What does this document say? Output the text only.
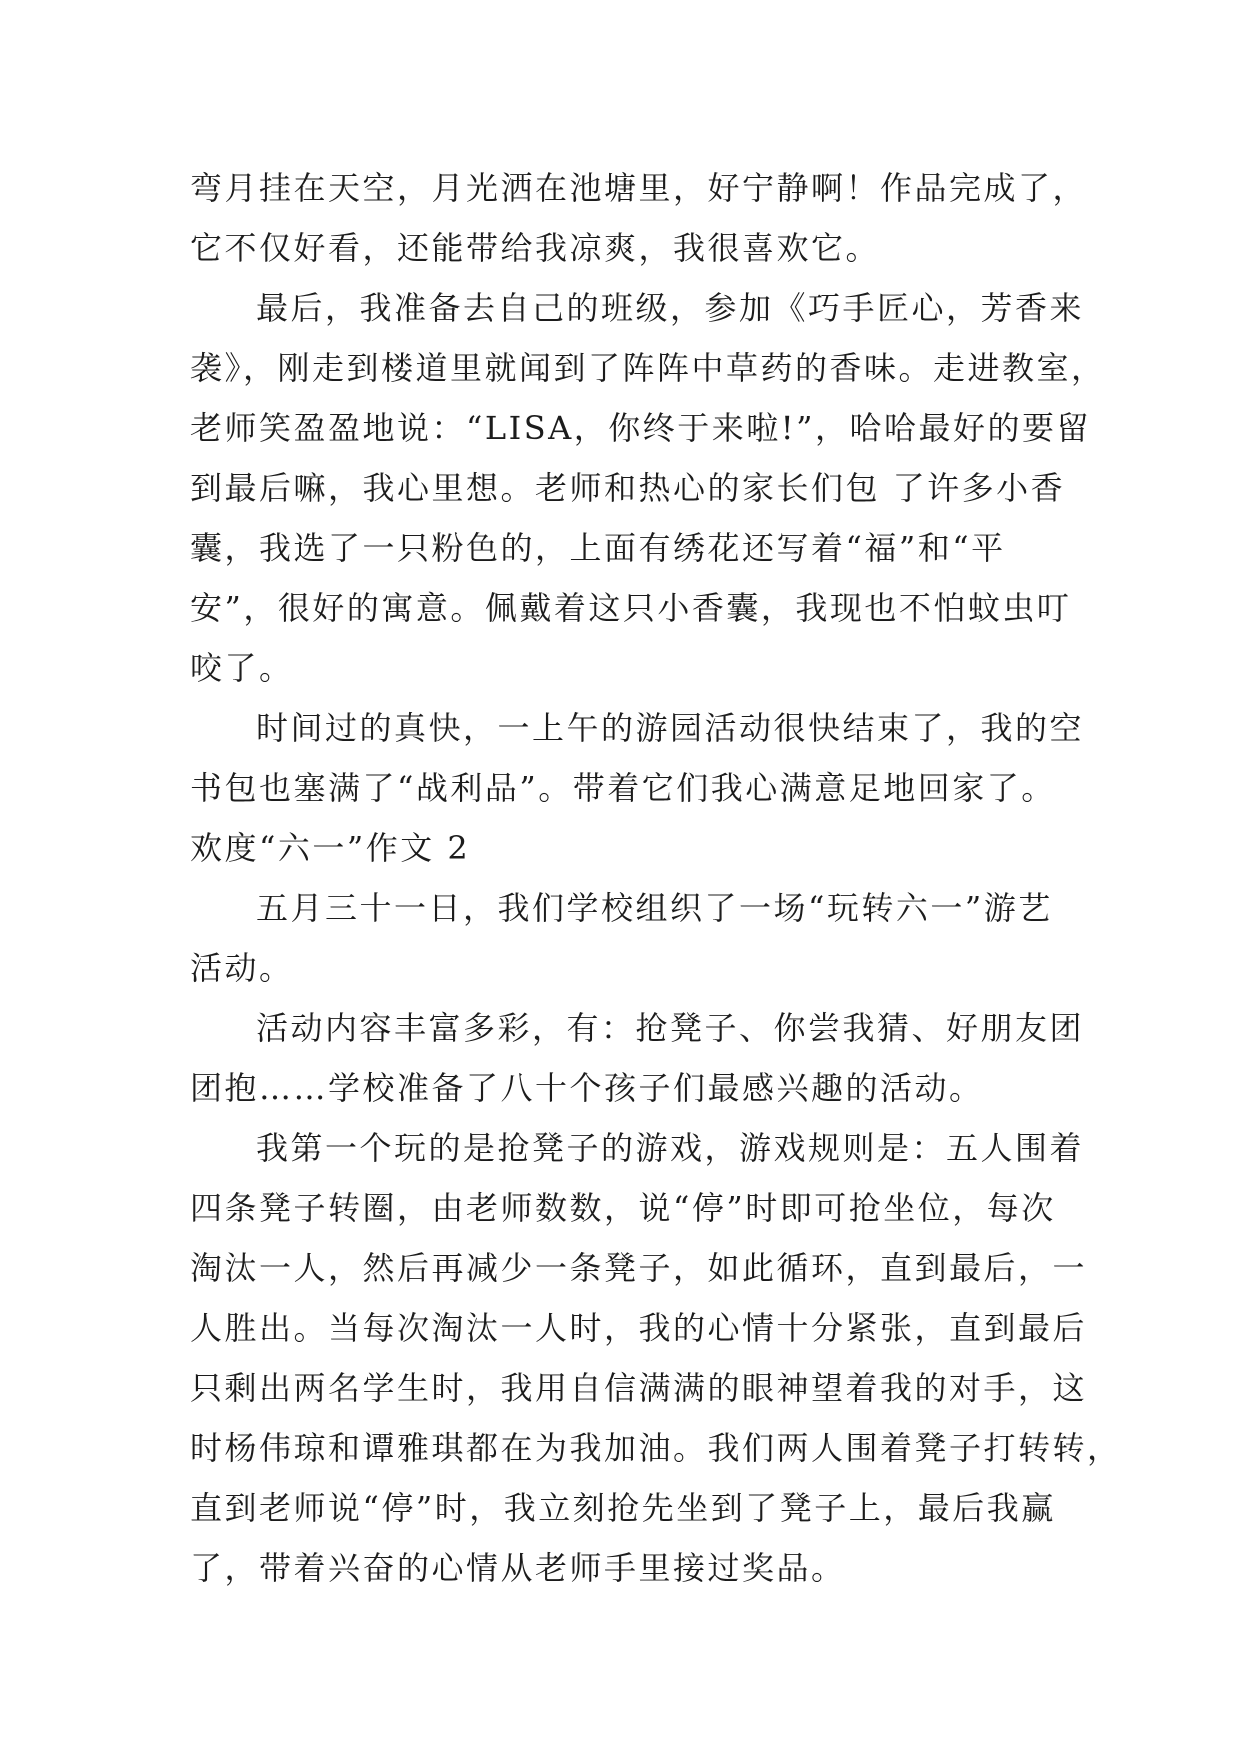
弯月挂在天空，月光洒在池塘里，好宁静啊！作品完成了，
它不仅好看，还能带给我凉爽，我很喜欢它。
最后，我准备去自己的班级，参加《巧手匠心，芳香来
袭》，刚走到楼道里就闻到了阵阵中草药的香味。走进教室，
老师笑盈盈地说：“LISA，你终于来啦!”，哈哈最好的要留
到最后嘛，我心里想。老师和热心的家长们包 了许多小香
囊，我选了一只粉色的，上面有绣花还写着“福”和“平
安”，很好的寓意。佩戴着这只小香囊，我现也不怕蚊虫叮
咬了。
时间过的真快，一上午的游园活动很快结束了，我的空
书包也塞满了“战利品”。带着它们我心满意足地回家了。
欢度“六一”作文 2
五月三十一日，我们学校组织了一场“玩转六一”游艺
活动。
活动内容丰富多彩，有：抢凳子、你尝我猜、好朋友团
团抱……学校准备了八十个孩子们最感兴趣的活动。
我第一个玩的是抢凳子的游戏，游戏规则是：五人围着
四条凳子转圈，由老师数数，说“停”时即可抢坐位，每次
淘汰一人，然后再减少一条凳子，如此循环，直到最后，一
人胜出。当每次淘汰一人时，我的心情十分紧张，直到最后
只剩出两名学生时，我用自信满满的眼神望着我的对手，这
时杨伟琼和谭雅琪都在为我加油。我们两人围着凳子打转转，
直到老师说“停”时，我立刻抢先坐到了凳子上，最后我赢
了，带着兴奋的心情从老师手里接过奖品。
